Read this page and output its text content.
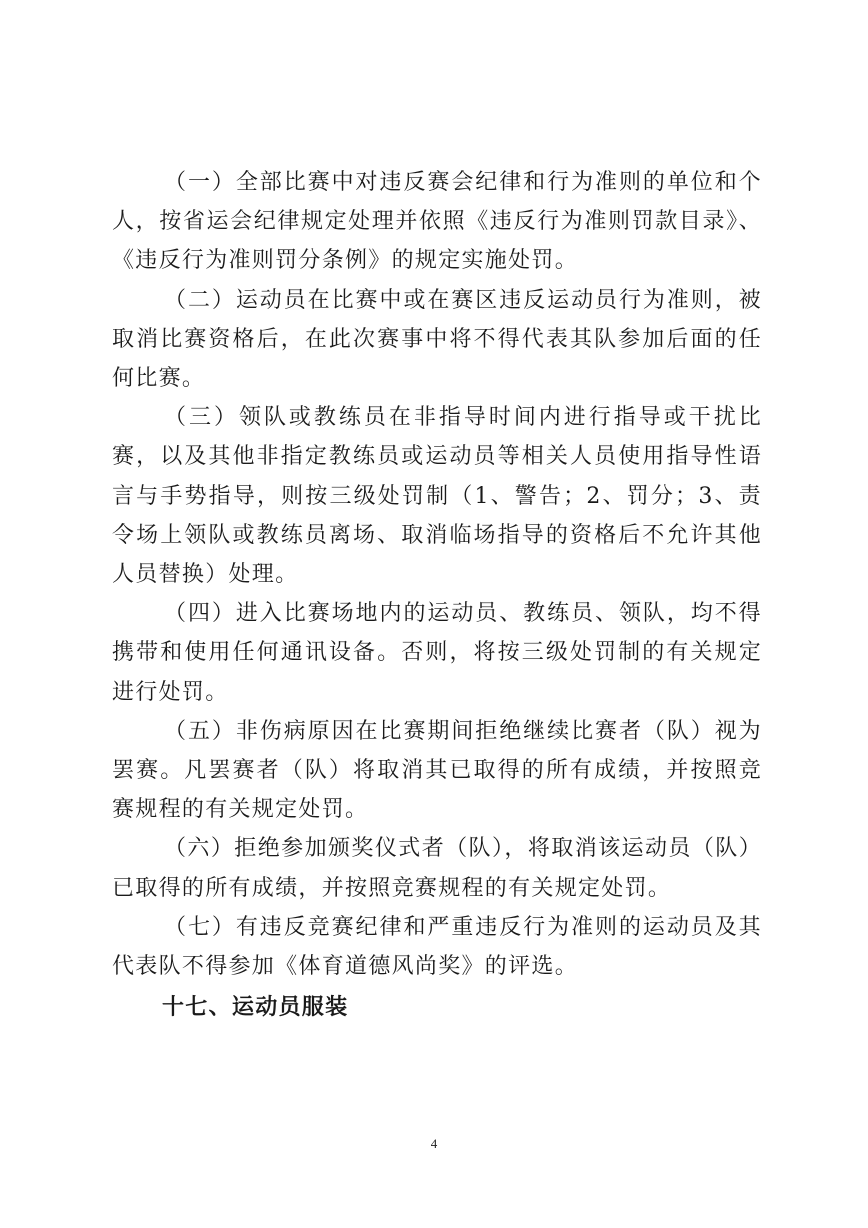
（一）全部比赛中对违反赛会纪律和行为准则的单位和个人，按省运会纪律规定处理并依照《违反行为准则罚款目录》、《违反行为准则罚分条例》的规定实施处罚。

（二）运动员在比赛中或在赛区违反运动员行为准则，被取消比赛资格后，在此次赛事中将不得代表其队参加后面的任何比赛。

（三）领队或教练员在非指导时间内进行指导或干扰比赛，以及其他非指定教练员或运动员等相关人员使用指导性语言与手势指导，则按三级处罚制（1、警告；2、罚分；3、责令场上领队或教练员离场、取消临场指导的资格后不允许其他人员替换）处理。

（四）进入比赛场地内的运动员、教练员、领队，均不得携带和使用任何通讯设备。否则，将按三级处罚制的有关规定进行处罚。

（五）非伤病原因在比赛期间拒绝继续比赛者（队）视为罢赛。凡罢赛者（队）将取消其已取得的所有成绩，并按照竞赛规程的有关规定处罚。

（六）拒绝参加颁奖仪式者（队），将取消该运动员（队）已取得的所有成绩，并按照竞赛规程的有关规定处罚。

（七）有违反竞赛纪律和严重违反行为准则的运动员及其代表队不得参加《体育道德风尚奖》的评选。

十七、运动员服装

4
